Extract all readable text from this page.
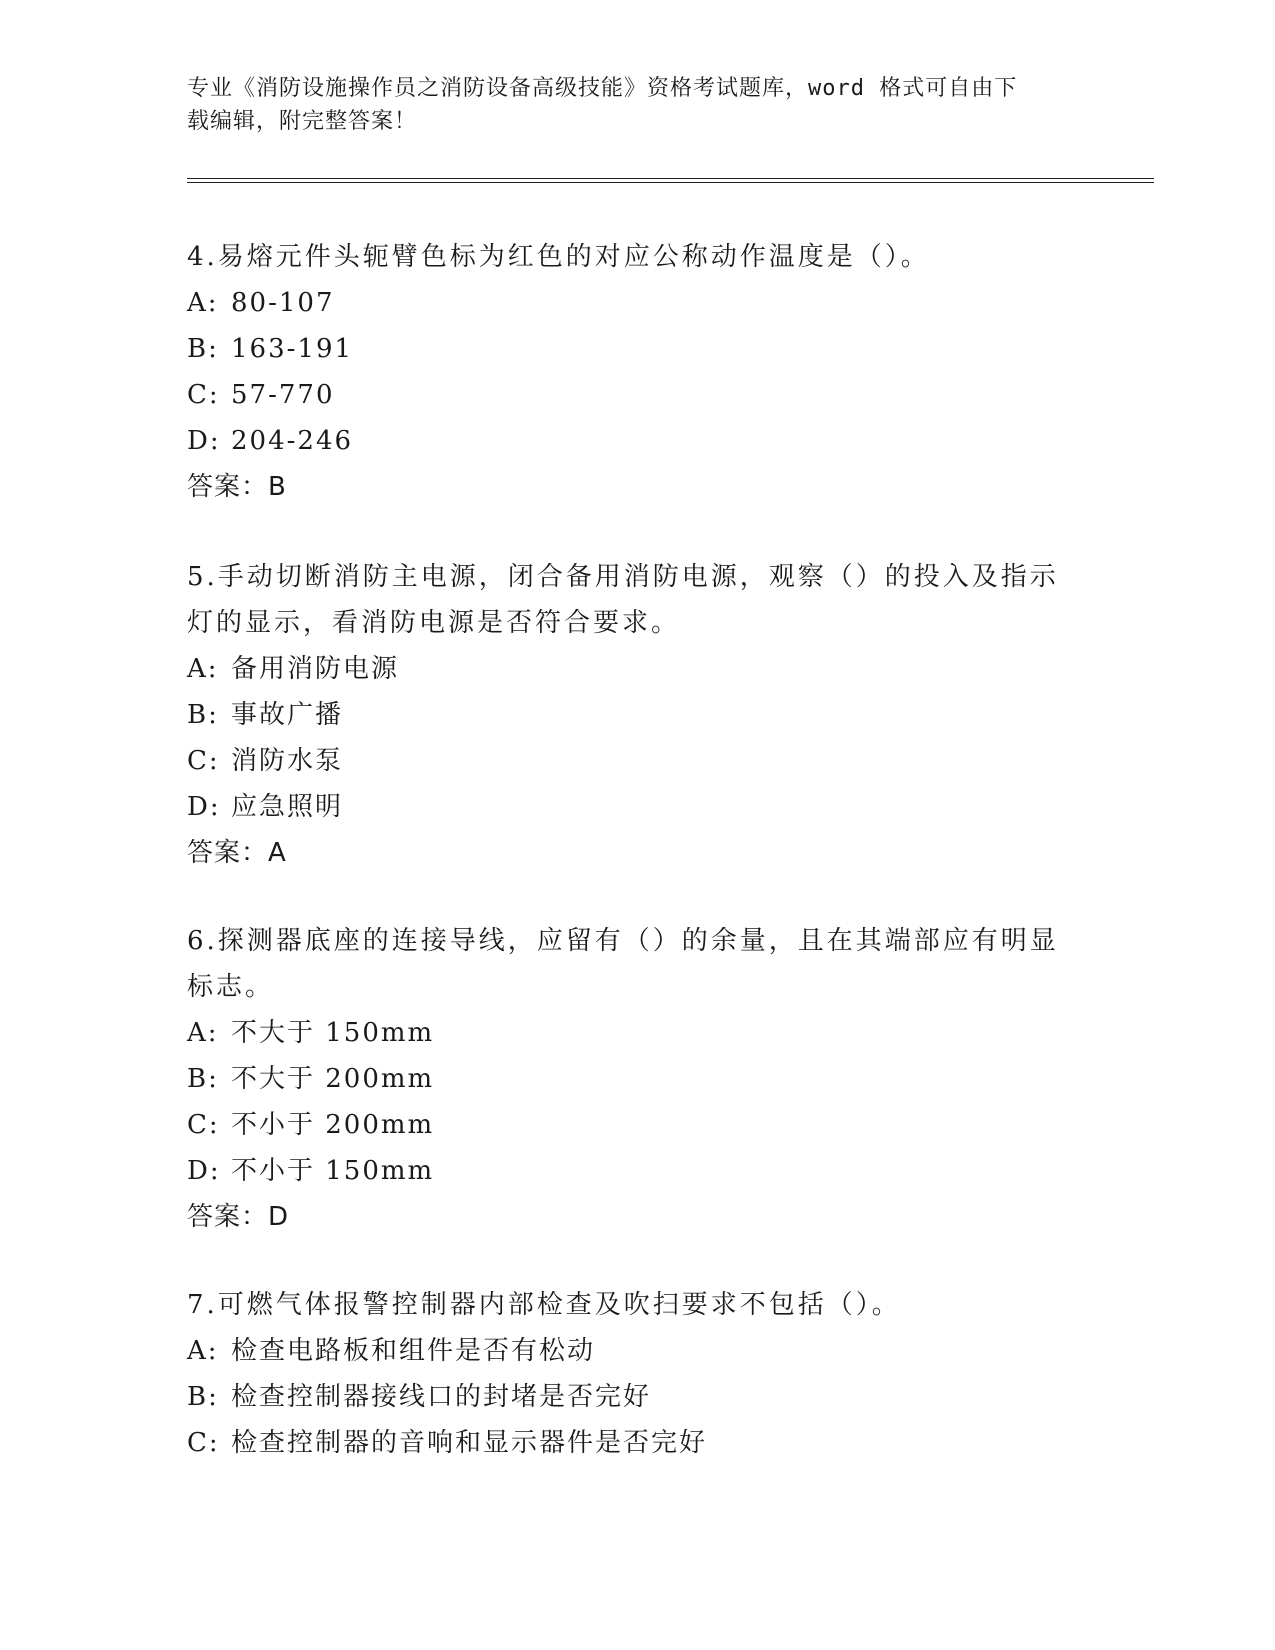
专业《消防设施操作员之消防设备高级技能》资格考试题库，word 格式可自由下
载编辑，附完整答案！

4.易熔元件头轭臂色标为红色的对应公称动作温度是（）。

A: 80-107

B: 163-191

C: 57-770

D: 204-246

答案：B

5.手动切断消防主电源，闭合备用消防电源，观察（）的投入及指示

灯的显示，看消防电源是否符合要求。

A: 备用消防电源

B: 事故广播

C: 消防水泵

D: 应急照明

答案：A

6.探测器底座的连接导线，应留有（）的余量，且在其端部应有明显

标志。

A: 不大于 150mm

B: 不大于 200mm

C: 不小于 200mm

D: 不小于 150mm

答案：D

7.可燃气体报警控制器内部检查及吹扫要求不包括（）。

A: 检查电路板和组件是否有松动

B: 检查控制器接线口的封堵是否完好

C: 检查控制器的音响和显示器件是否完好
